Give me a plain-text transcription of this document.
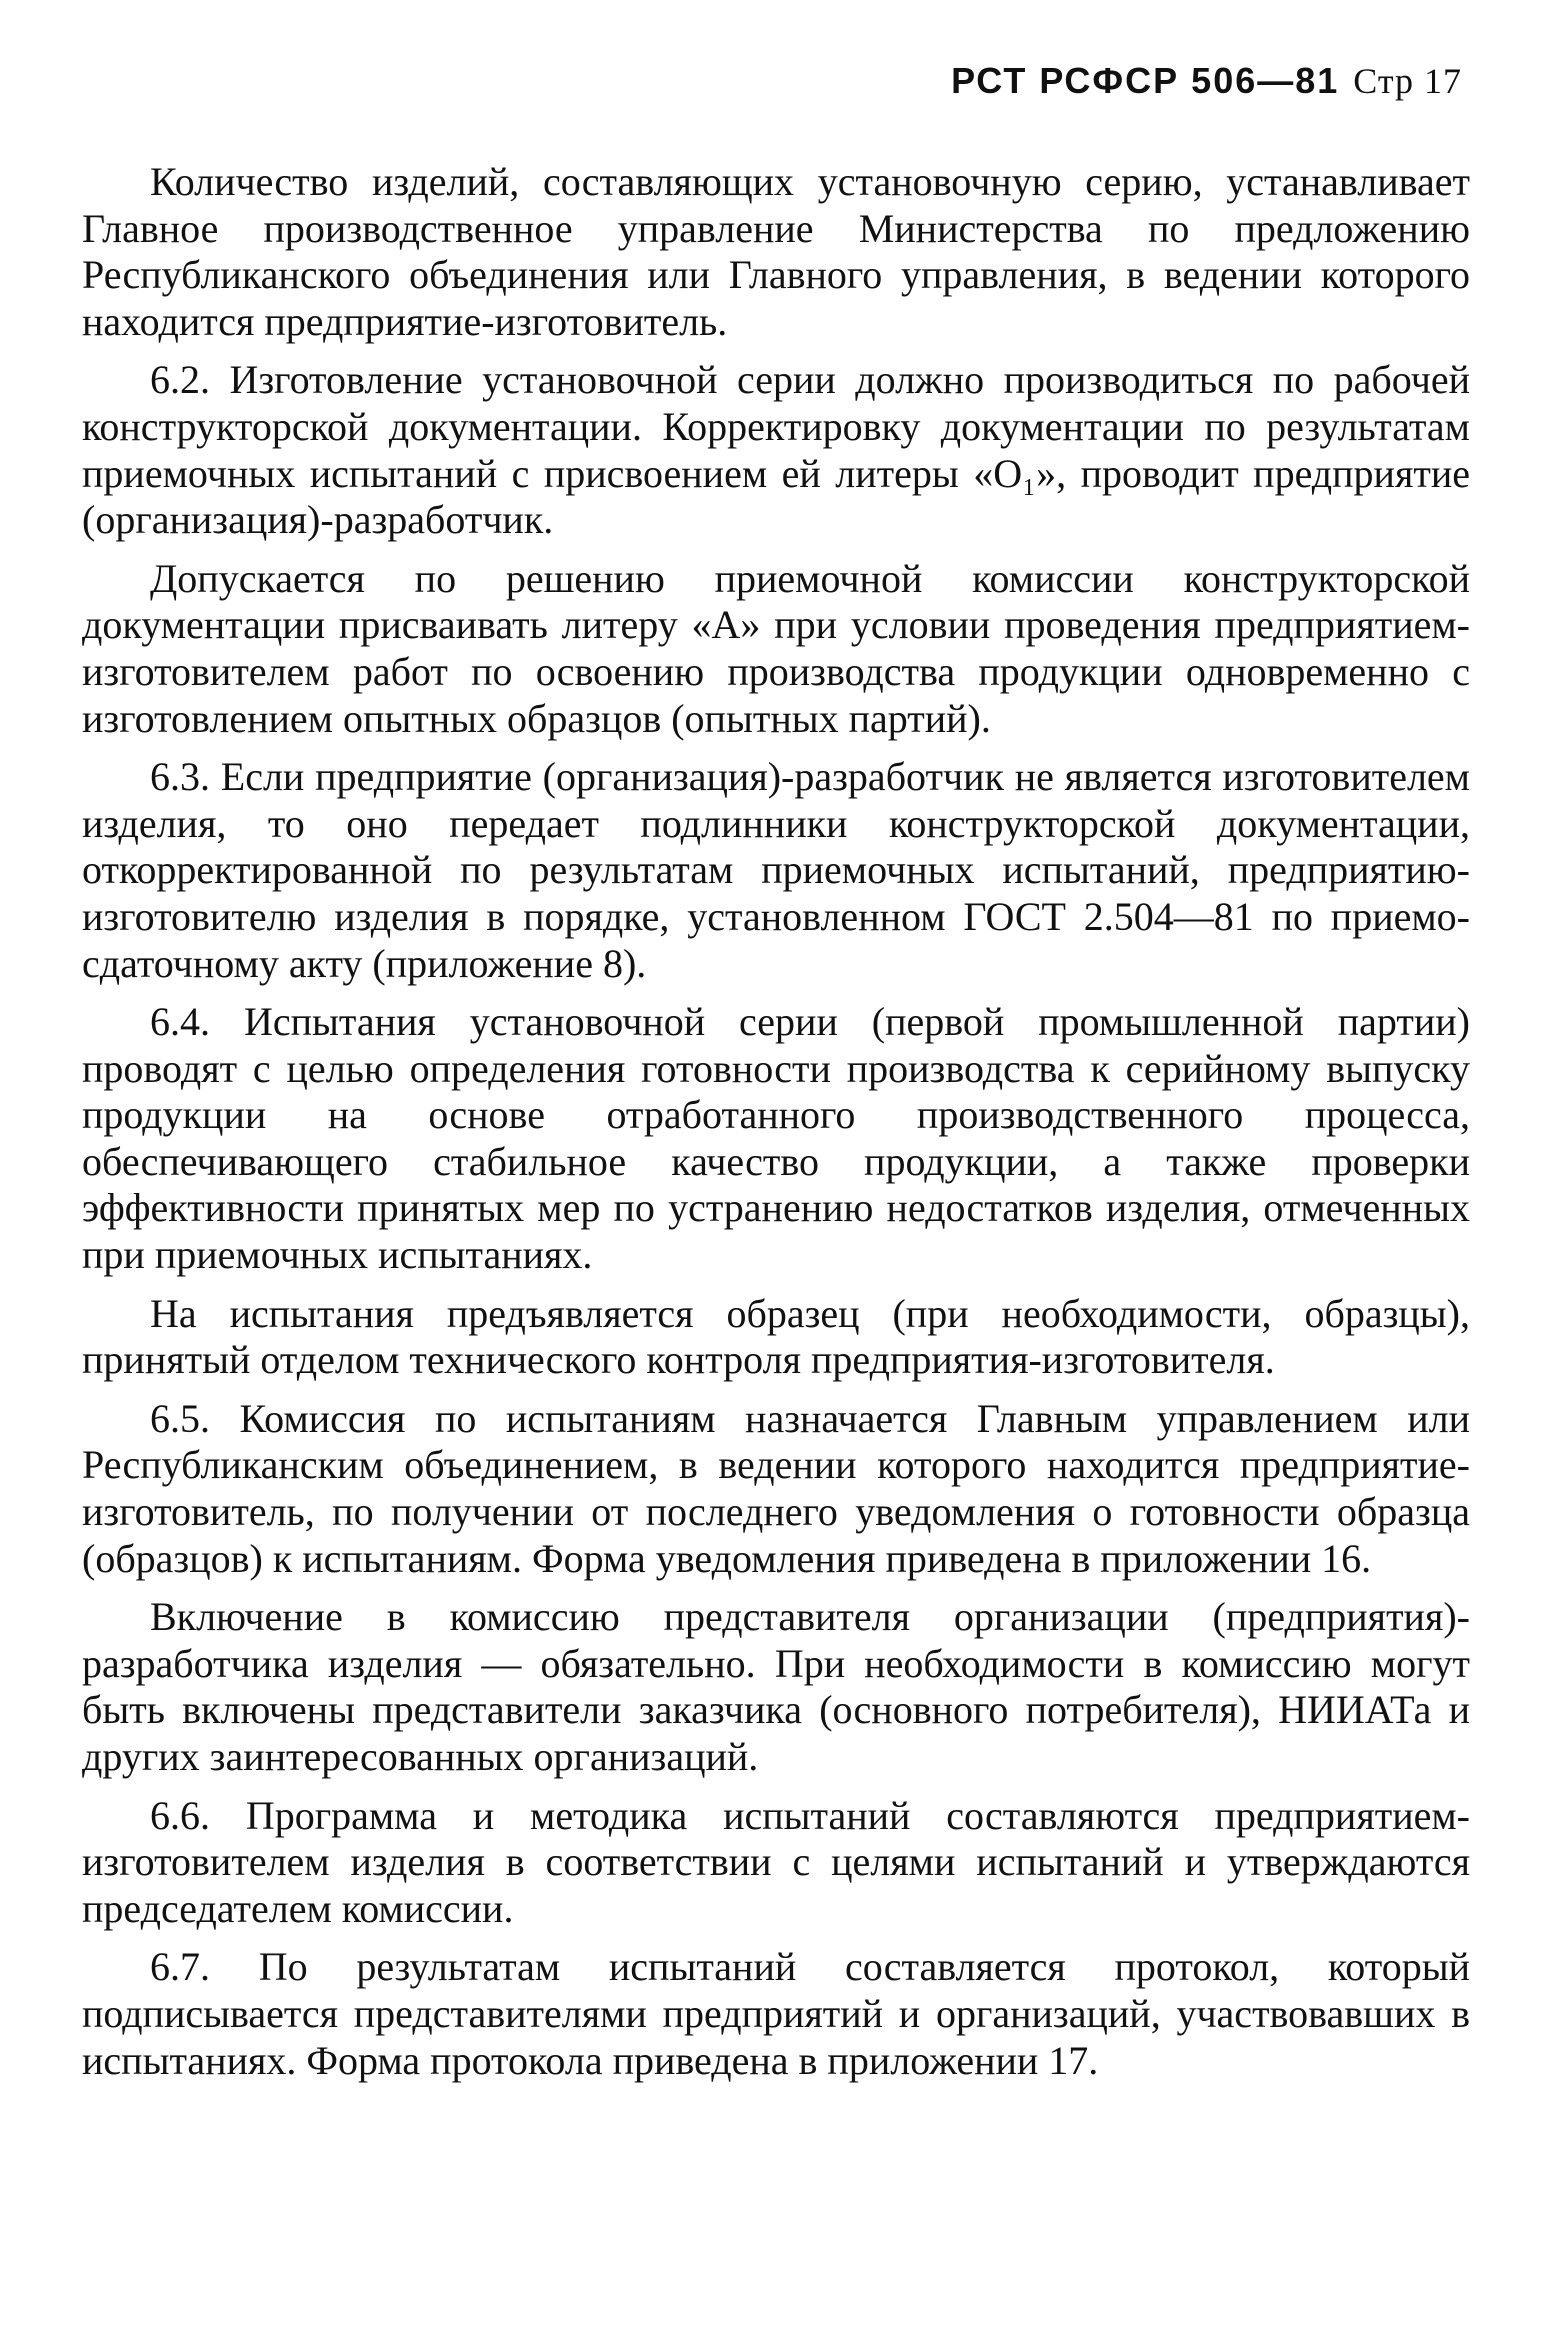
РСТ РСФСР 506—81 Стр 17

Количество изделий, составляющих установочную серию, устанавливает Главное производственное управление Министерства по предложению Республиканского объединения или Главного управления, в ведении которого находится предприятие-изготовитель.

6.2. Изготовление установочной серии должно производиться по рабочей конструкторской документации. Корректировку документации по результатам приемочных испытаний с присвоением ей литеры «О₁», проводит предприятие (организация)-разработчик.

Допускается по решению приемочной комиссии конструкторской документации присваивать литеру «А» при условии проведения предприятием-изготовителем работ по освоению производства продукции одновременно с изготовлением опытных образцов (опытных партий).

6.3. Если предприятие (организация)-разработчик не является изготовителем изделия, то оно передает подлинники конструкторской документации, откорректированной по результатам приемочных испытаний, предприятию-изготовителю изделия в порядке, установленном ГОСТ 2.504—81 по приемо-сдаточному акту (приложение 8).

6.4. Испытания установочной серии (первой промышленной партии) проводят с целью определения готовности производства к серийному выпуску продукции на основе отработанного производственного процесса, обеспечивающего стабильное качество продукции, а также проверки эффективности принятых мер по устранению недостатков изделия, отмеченных при приемочных испытаниях.

На испытания предъявляется образец (при необходимости, образцы), принятый отделом технического контроля предприятия-изготовителя.

6.5. Комиссия по испытаниям назначается Главным управлением или Республиканским объединением, в ведении которого находится предприятие-изготовитель, по получении от последнего уведомления о готовности образца (образцов) к испытаниям. Форма уведомления приведена в приложении 16.

Включение в комиссию представителя организации (предприятия)-разработчика изделия — обязательно. При необходимости в комиссию могут быть включены представители заказчика (основного потребителя), НИИАТа и других заинтересованных организаций.

6.6. Программа и методика испытаний составляются предприятием-изготовителем изделия в соответствии с целями испытаний и утверждаются председателем комиссии.

6.7. По результатам испытаний составляется протокол, который подписывается представителями предприятий и организаций, участвовавших в испытаниях. Форма протокола приведена в приложении 17.
